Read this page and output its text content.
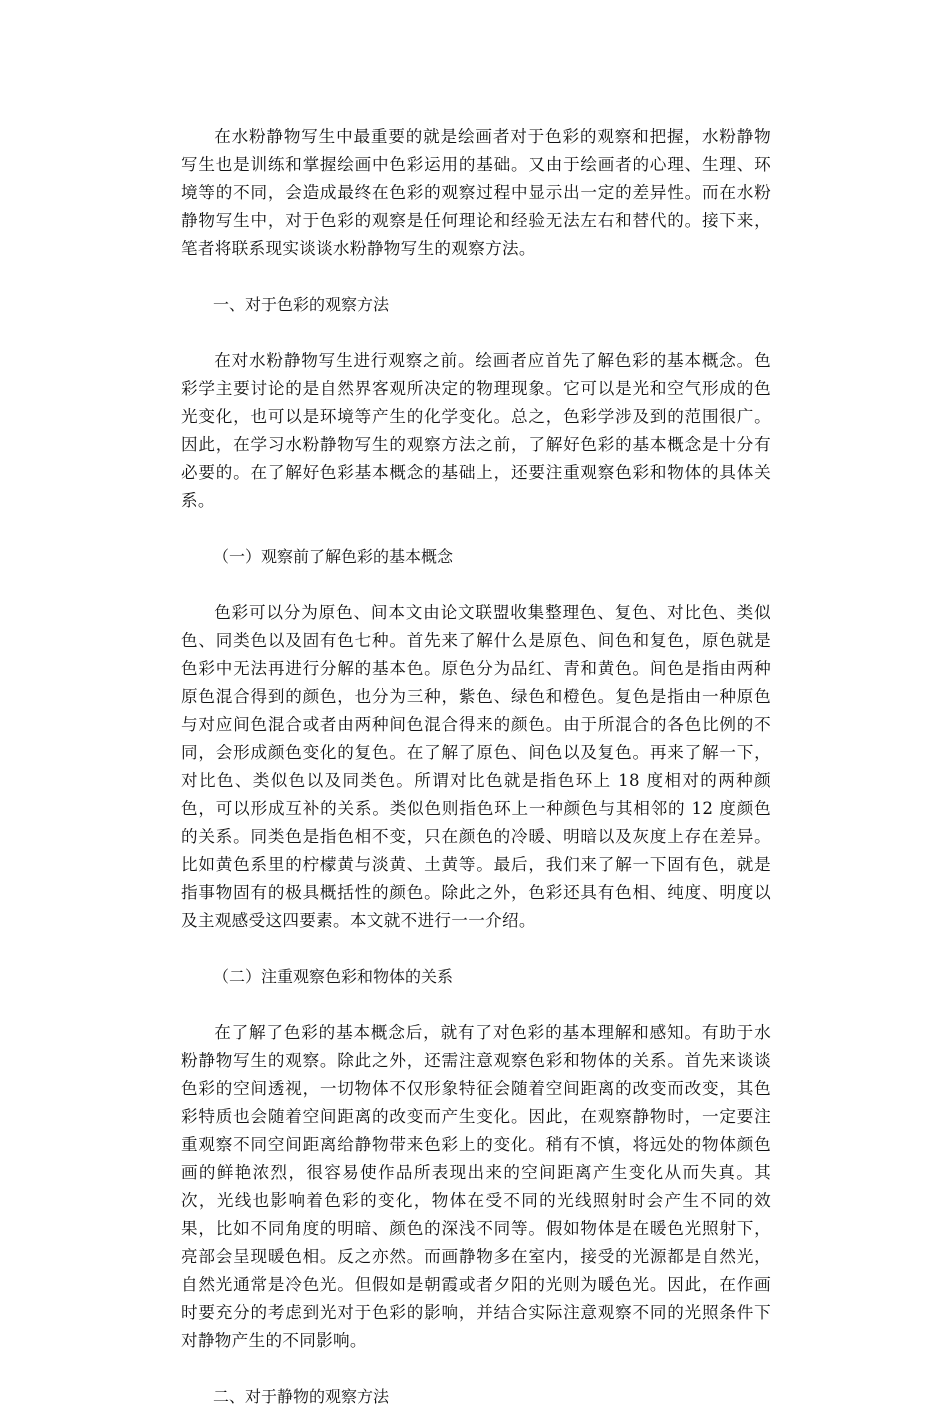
在水粉静物写生中最重要的就是绘画者对于色彩的观察和把握，水粉静物写生也是训练和掌握绘画中色彩运用的基础。又由于绘画者的心理、生理、环境等的不同，会造成最终在色彩的观察过程中显示出一定的差异性。而在水粉静物写生中，对于色彩的观察是任何理论和经验无法左右和替代的。接下来，笔者将联系现实谈谈水粉静物写生的观察方法。

一、对于色彩的观察方法

在对水粉静物写生进行观察之前。绘画者应首先了解色彩的基本概念。色彩学主要讨论的是自然界客观所决定的物理现象。它可以是光和空气形成的色光变化，也可以是环境等产生的化学变化。总之，色彩学涉及到的范围很广。因此，在学习水粉静物写生的观察方法之前，了解好色彩的基本概念是十分有必要的。在了解好色彩基本概念的基础上，还要注重观察色彩和物体的具体关系。

（一）观察前了解色彩的基本概念

色彩可以分为原色、间本文由论文联盟收集整理色、复色、对比色、类似色、同类色以及固有色七种。首先来了解什么是原色、间色和复色，原色就是色彩中无法再进行分解的基本色。原色分为品红、青和黄色。间色是指由两种原色混合得到的颜色，也分为三种，紫色、绿色和橙色。复色是指由一种原色与对应间色混合或者由两种间色混合得来的颜色。由于所混合的各色比例的不同，会形成颜色变化的复色。在了解了原色、间色以及复色。再来了解一下，对比色、类似色以及同类色。所谓对比色就是指色环上 18 度相对的两种颜色，可以形成互补的关系。类似色则指色环上一种颜色与其相邻的 12 度颜色的关系。同类色是指色相不变，只在颜色的冷暖、明暗以及灰度上存在差异。比如黄色系里的柠檬黄与淡黄、土黄等。最后，我们来了解一下固有色，就是指事物固有的极具概括性的颜色。除此之外，色彩还具有色相、纯度、明度以及主观感受这四要素。本文就不进行一一介绍。

（二）注重观察色彩和物体的关系

在了解了色彩的基本概念后，就有了对色彩的基本理解和感知。有助于水粉静物写生的观察。除此之外，还需注意观察色彩和物体的关系。首先来谈谈色彩的空间透视，一切物体不仅形象特征会随着空间距离的改变而改变，其色彩特质也会随着空间距离的改变而产生变化。因此，在观察静物时，一定要注重观察不同空间距离给静物带来色彩上的变化。稍有不慎，将远处的物体颜色画的鲜艳浓烈，很容易使作品所表现出来的空间距离产生变化从而失真。其次，光线也影响着色彩的变化，物体在受不同的光线照射时会产生不同的效果，比如不同角度的明暗、颜色的深浅不同等。假如物体是在暖色光照射下，亮部会呈现暖色相。反之亦然。而画静物多在室内，接受的光源都是自然光，自然光通常是冷色光。但假如是朝霞或者夕阳的光则为暖色光。因此，在作画时要充分的考虑到光对于色彩的影响，并结合实际注意观察不同的光照条件下对静物产生的不同影响。

二、对于静物的观察方法
